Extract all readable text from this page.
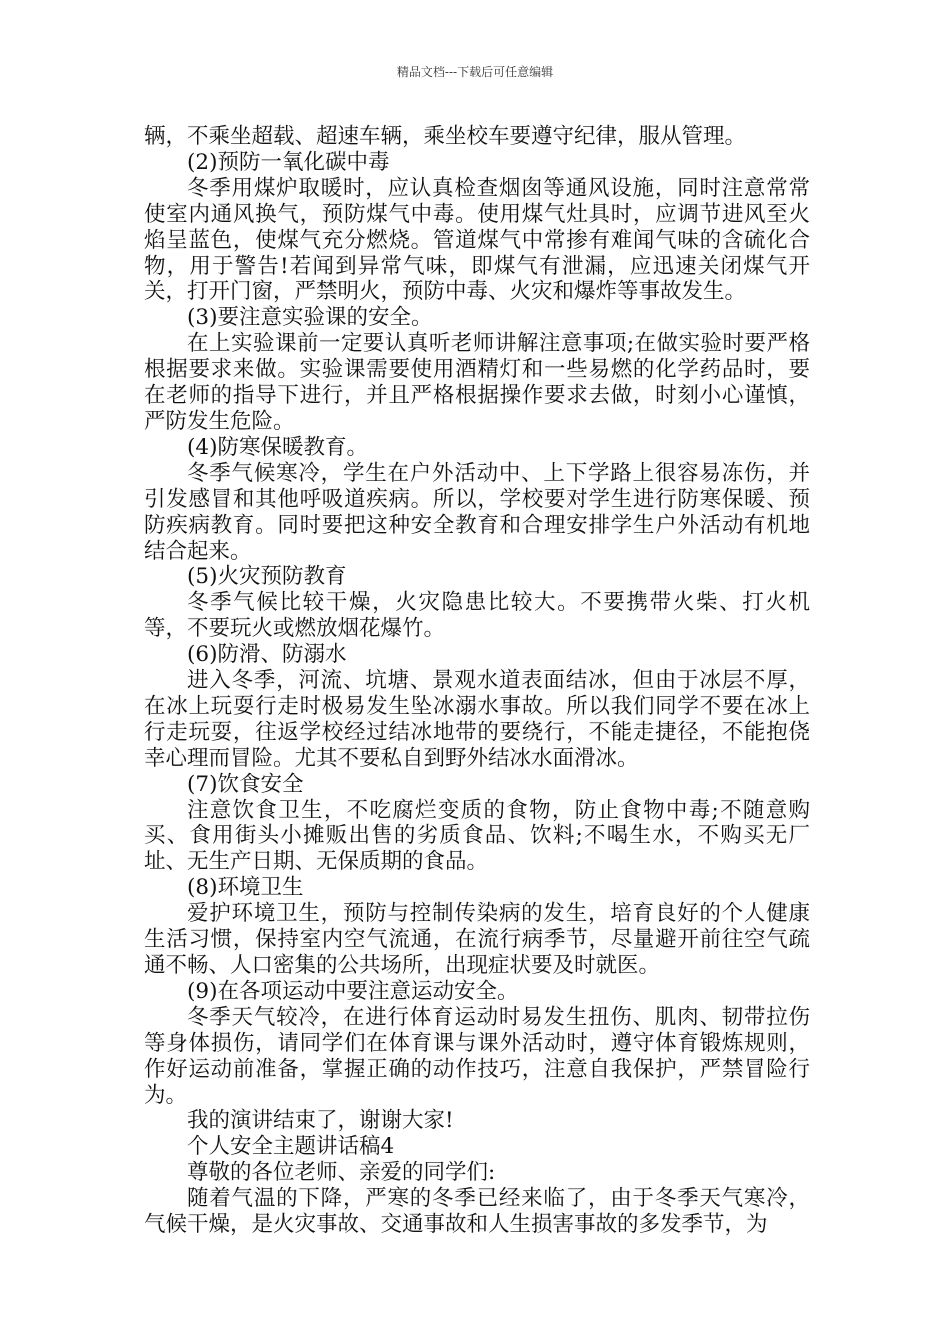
精品文档---下载后可任意编辑

辆，不乘坐超载、超速车辆，乘坐校车要遵守纪律，服从管理。

(2)预防一氧化碳中毒

冬季用煤炉取暖时，应认真检查烟囱等通风设施，同时注意常常使室内通风换气，预防煤气中毒。使用煤气灶具时，应调节进风至火焰呈蓝色，使煤气充分燃烧。管道煤气中常掺有难闻气味的含硫化合物，用于警告!若闻到异常气味，即煤气有泄漏，应迅速关闭煤气开关，打开门窗，严禁明火，预防中毒、火灾和爆炸等事故发生。

(3)要注意实验课的安全。

在上实验课前一定要认真听老师讲解注意事项;在做实验时要严格根据要求来做。实验课需要使用酒精灯和一些易燃的化学药品时，要在老师的指导下进行，并且严格根据操作要求去做，时刻小心谨慎，严防发生危险。

(4)防寒保暖教育。

冬季气候寒冷，学生在户外活动中、上下学路上很容易冻伤，并引发感冒和其他呼吸道疾病。所以，学校要对学生进行防寒保暖、预防疾病教育。同时要把这种安全教育和合理安排学生户外活动有机地结合起来。

(5)火灾预防教育

冬季气候比较干燥，火灾隐患比较大。不要携带火柴、打火机等，不要玩火或燃放烟花爆竹。

(6)防滑、防溺水

进入冬季，河流、坑塘、景观水道表面结冰，但由于冰层不厚，在冰上玩耍行走时极易发生坠冰溺水事故。所以我们同学不要在冰上行走玩耍，往返学校经过结冰地带的要绕行，不能走捷径，不能抱侥幸心理而冒险。尤其不要私自到野外结冰水面滑冰。

(7)饮食安全

注意饮食卫生，不吃腐烂变质的食物，防止食物中毒;不随意购买、食用街头小摊贩出售的劣质食品、饮料;不喝生水，不购买无厂址、无生产日期、无保质期的食品。

(8)环境卫生

爱护环境卫生，预防与控制传染病的发生，培育良好的个人健康生活习惯，保持室内空气流通，在流行病季节，尽量避开前往空气疏通不畅、人口密集的公共场所，出现症状要及时就医。

(9)在各项运动中要注意运动安全。

冬季天气较冷，在进行体育运动时易发生扭伤、肌肉、韧带拉伤等身体损伤，请同学们在体育课与课外活动时，遵守体育锻炼规则，作好运动前准备，掌握正确的动作技巧，注意自我保护，严禁冒险行为。

我的演讲结束了，谢谢大家!

个人安全主题讲话稿4

尊敬的各位老师、亲爱的同学们:

随着气温的下降，严寒的冬季已经来临了，由于冬季天气寒冷，气候干燥，是火灾事故、交通事故和人生损害事故的多发季节，为
